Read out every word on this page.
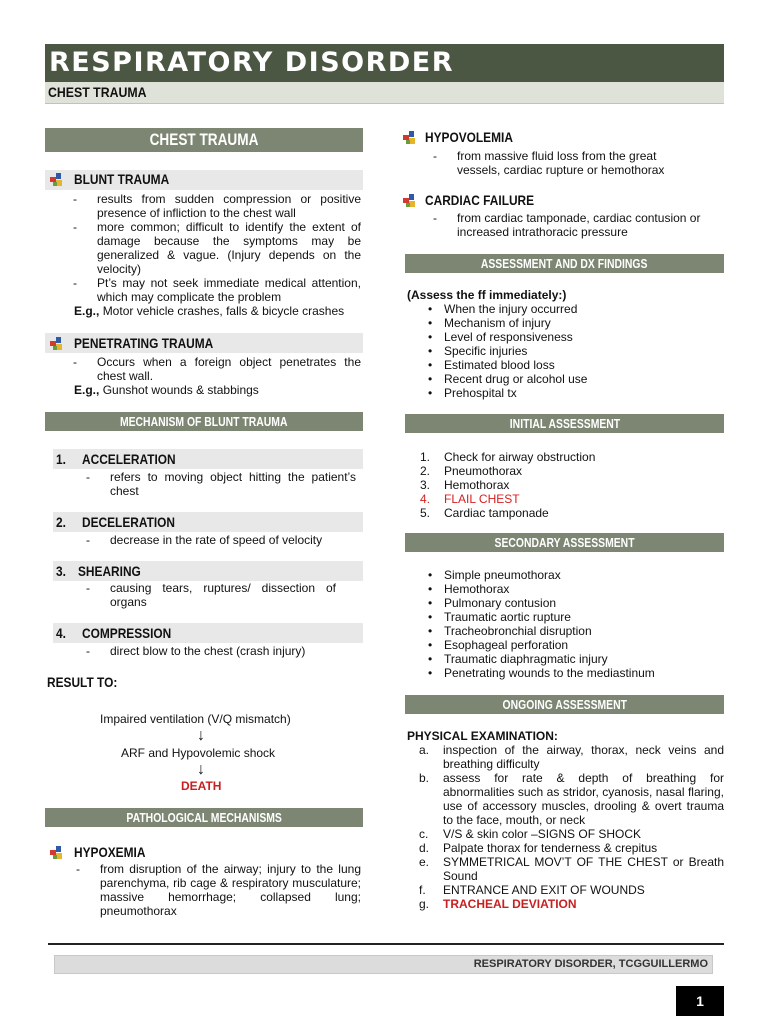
RESPIRATORY DISORDER
CHEST TRAUMA
CHEST TRAUMA
BLUNT TRAUMA
- results from sudden compression or positive presence of infliction to the chest wall
- more common; difficult to identify the extent of damage because the symptoms may be generalized & vague. (Injury depends on the velocity)
- Pt’s may not seek immediate medical attention, which may complicate the problem
E.g., Motor vehicle crashes, falls & bicycle crashes
PENETRATING TRAUMA
- Occurs when a foreign object penetrates the chest wall.
E.g., Gunshot wounds & stabbings
MECHANISM OF BLUNT TRAUMA
1. ACCELERATION
- refers to moving object hitting the patient’s chest
2. DECELERATION
- decrease in the rate of speed of velocity
3. SHEARING
- causing tears, ruptures/ dissection of organs
4. COMPRESSION
- direct blow to the chest (crash injury)
RESULT TO:
Impaired ventilation (V/Q mismatch)
↓
ARF and Hypovolemic shock
↓
DEATH
PATHOLOGICAL MECHANISMS
HYPOXEMIA
- from disruption of the airway; injury to the lung parenchyma, rib cage & respiratory musculature; massive hemorrhage; collapsed lung; pneumothorax
HYPOVOLEMIA
- from massive fluid loss from the great vessels, cardiac rupture or hemothorax
CARDIAC FAILURE
- from cardiac tamponade, cardiac contusion or increased intrathoracic pressure
ASSESSMENT AND DX FINDINGS
(Assess the ff immediately:)
• When the injury occurred
• Mechanism of injury
• Level of responsiveness
• Specific injuries
• Estimated blood loss
• Recent drug or alcohol use
• Prehospital tx
INITIAL ASSESSMENT
1. Check for airway obstruction
2. Pneumothorax
3. Hemothorax
4. FLAIL CHEST
5. Cardiac tamponade
SECONDARY ASSESSMENT
• Simple pneumothorax
• Hemothorax
• Pulmonary contusion
• Traumatic aortic rupture
• Tracheobronchial disruption
• Esophageal perforation
• Traumatic diaphragmatic injury
• Penetrating wounds to the mediastinum
ONGOING ASSESSMENT
PHYSICAL EXAMINATION:
a. inspection of the airway, thorax, neck veins and breathing difficulty
b. assess for rate & depth of breathing for abnormalities such as stridor, cyanosis, nasal flaring, use of accessory muscles, drooling & overt trauma to the face, mouth, or neck
c. V/S & skin color –SIGNS OF SHOCK
d. Palpate thorax for tenderness & crepitus
e. SYMMETRICAL MOV’T OF THE CHEST or Breath Sound
f. ENTRANCE AND EXIT OF WOUNDS
g. TRACHEAL DEVIATION
RESPIRATORY DISORDER, TCGGUILLERMO
1
